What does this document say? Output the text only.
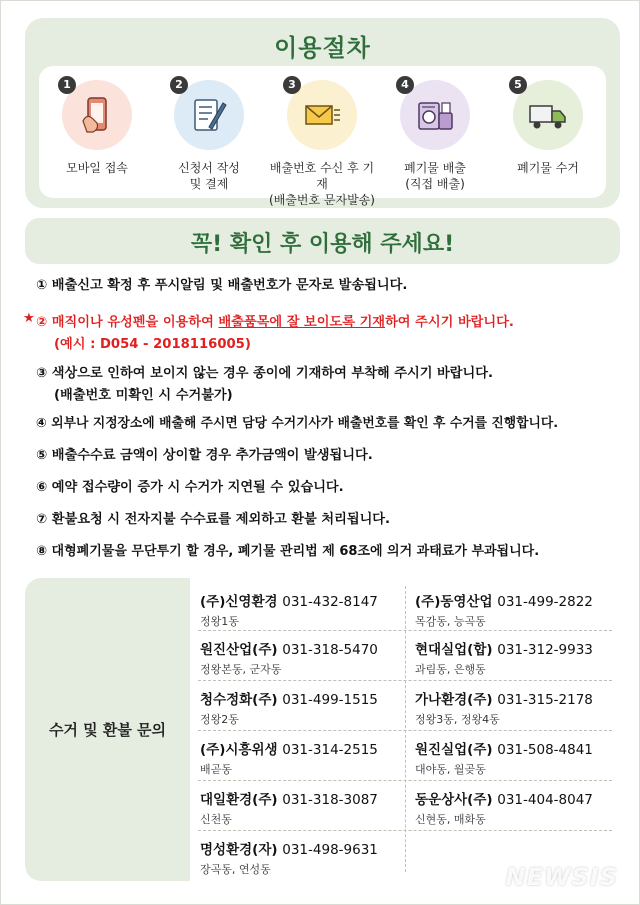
이용절차
1
모바일 접속
2
신청서 작성
및 결제
3
배출번호 수신 후 기재
(배출번호 문자발송)
4
폐기물 배출
(직접 배출)
5
폐기물 수거
꼭! 확인 후 이용해 주세요!
① 배출신고 확정 후 푸시알림 및 배출번호가 문자로 발송됩니다.
★ ② 매직이나 유성펜을 이용하여 배출품목에 잘 보이도록 기재하여 주시기 바랍니다.
(예시 : D054 - 2018116005)
③ 색상으로 인하여 보이지 않는 경우 종이에 기재하여 부착해 주시기 바랍니다.
(배출번호 미확인 시 수거불가)
④ 외부나 지정장소에 배출해 주시면 담당 수거기사가 배출번호를 확인 후 수거를 진행합니다.
⑤ 배출수수료 금액이 상이할 경우 추가금액이 발생됩니다.
⑥ 예약 접수량이 증가 시 수거가 지연될 수 있습니다.
⑦ 환불요청 시 전자지불 수수료를 제외하고 환불 처리됩니다.
⑧ 대형폐기물을 무단투기 할 경우, 폐기물 관리법 제 68조에 의거 과태료가 부과됩니다.
수거 및 환불 문의
(주)신영환경 031-432-8147
정왕1동
(주)동영산업 031-499-2822
목감동, 능곡동
원진산업(주) 031-318-5470
정왕본동, 군자동
현대실업(합) 031-312-9933
과림동, 은행동
청수정화(주) 031-499-1515
정왕2동
가나환경(주) 031-315-2178
정왕3동, 정왕4동
(주)시흥위생 031-314-2515
배곧동
원진실업(주) 031-508-4841
대야동, 월곶동
대일환경(주) 031-318-3087
신천동
동운상사(주) 031-404-8047
신현동, 매화동
명성환경(자) 031-498-9631
장곡동, 연성동	NEWSIS
